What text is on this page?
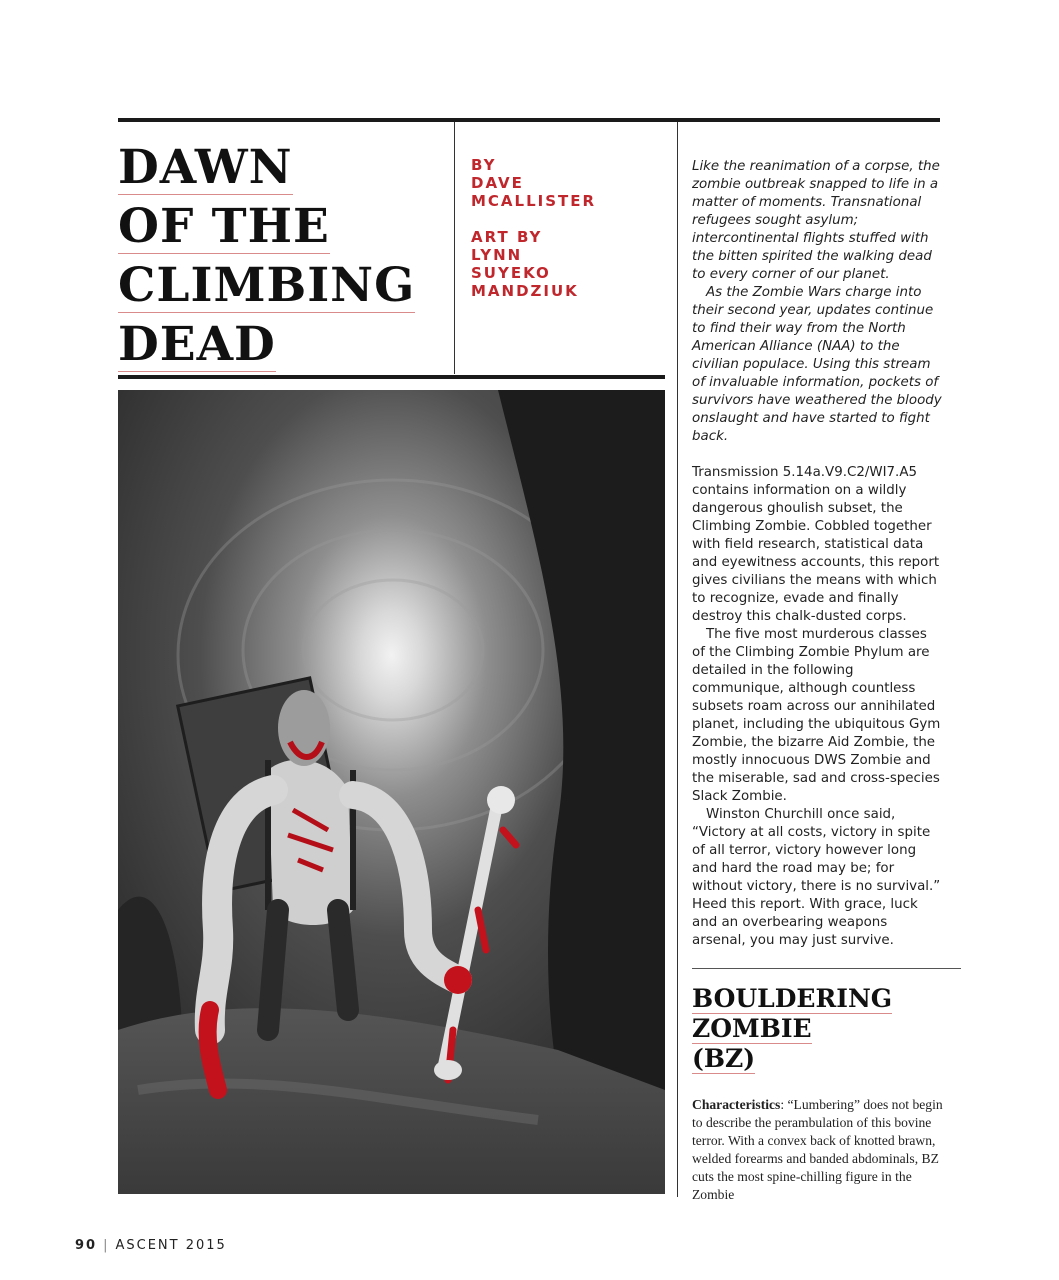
DAWN
OF THE
CLIMBING
DEAD
BY
DAVE
MCALLISTER
ART BY
LYNN
SUYEKO
MANDZIUK

Like the reanimation of a corpse, the zombie outbreak snapped to life in a matter of moments. Transnational refugees sought asylum; intercontinental flights stuffed with the bitten spirited the walking dead to every corner of our planet.

As the Zombie Wars charge into their second year, updates continue to find their way from the North American Alliance (NAA) to the civilian populace. Using this stream of invaluable information, pockets of survivors have weathered the bloody onslaught and have started to fight back.

Transmission 5.14a.V9.C2/WI7.A5 contains information on a wildly dangerous ghoulish subset, the Climbing Zombie. Cobbled together with field research, statistical data and eyewitness accounts, this report gives civilians the means with which to recognize, evade and finally destroy this chalk-dusted corps.

The five most murderous classes of the Climbing Zombie Phylum are detailed in the following communique, although countless subsets roam across our annihilated planet, including the ubiquitous Gym Zombie, the bizarre Aid Zombie, the mostly innocuous DWS Zombie and the miserable, sad and cross-species Slack Zombie.

Winston Churchill once said, “Victory at all costs, victory in spite of all terror, victory however long and hard the road may be; for without victory, there is no survival.” Heed this report. With grace, luck and an overbearing weapons arsenal, you may just survive.

BOULDERING
ZOMBIE
(BZ)

Characteristics: “Lumbering” does not begin to describe the perambulation of this bovine terror. With a convex back of knotted brawn, welded forearms and banded abdominals, BZ cuts the most spine-chilling figure in the Zombie

90 | ASCENT 2015
